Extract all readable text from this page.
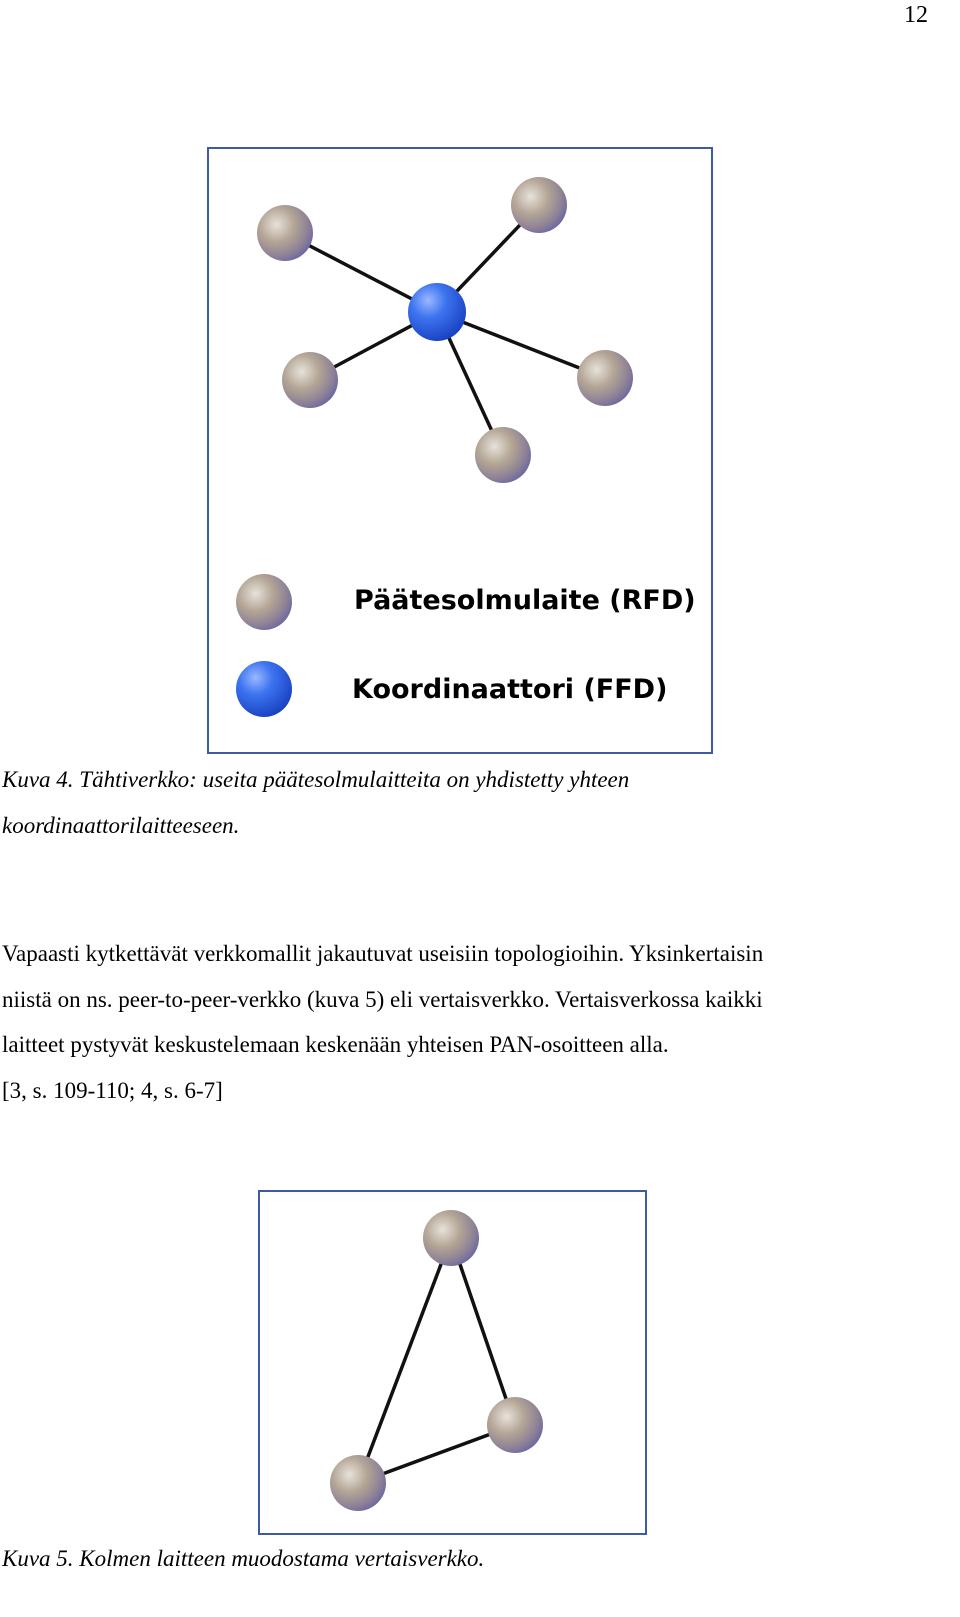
12
Päätesolmulaite (RFD)
Koordinaattori (FFD)
Kuva 4. Tähtiverkko: useita päätesolmulaitteita on yhdistetty yhteen
koordinaattorilaitteeseen.

Vapaasti kytkettävät verkkomallit jakautuvat useisiin topologioihin. Yksinkertaisin
niistä on ns. peer-to-peer-verkko (kuva 5) eli vertaisverkko. Vertaisverkossa kaikki
laitteet pystyvät keskustelemaan keskenään yhteisen PAN-osoitteen alla.
[3, s. 109-110; 4, s. 6-7]

Kuva 5. Kolmen laitteen muodostama vertaisverkko.
